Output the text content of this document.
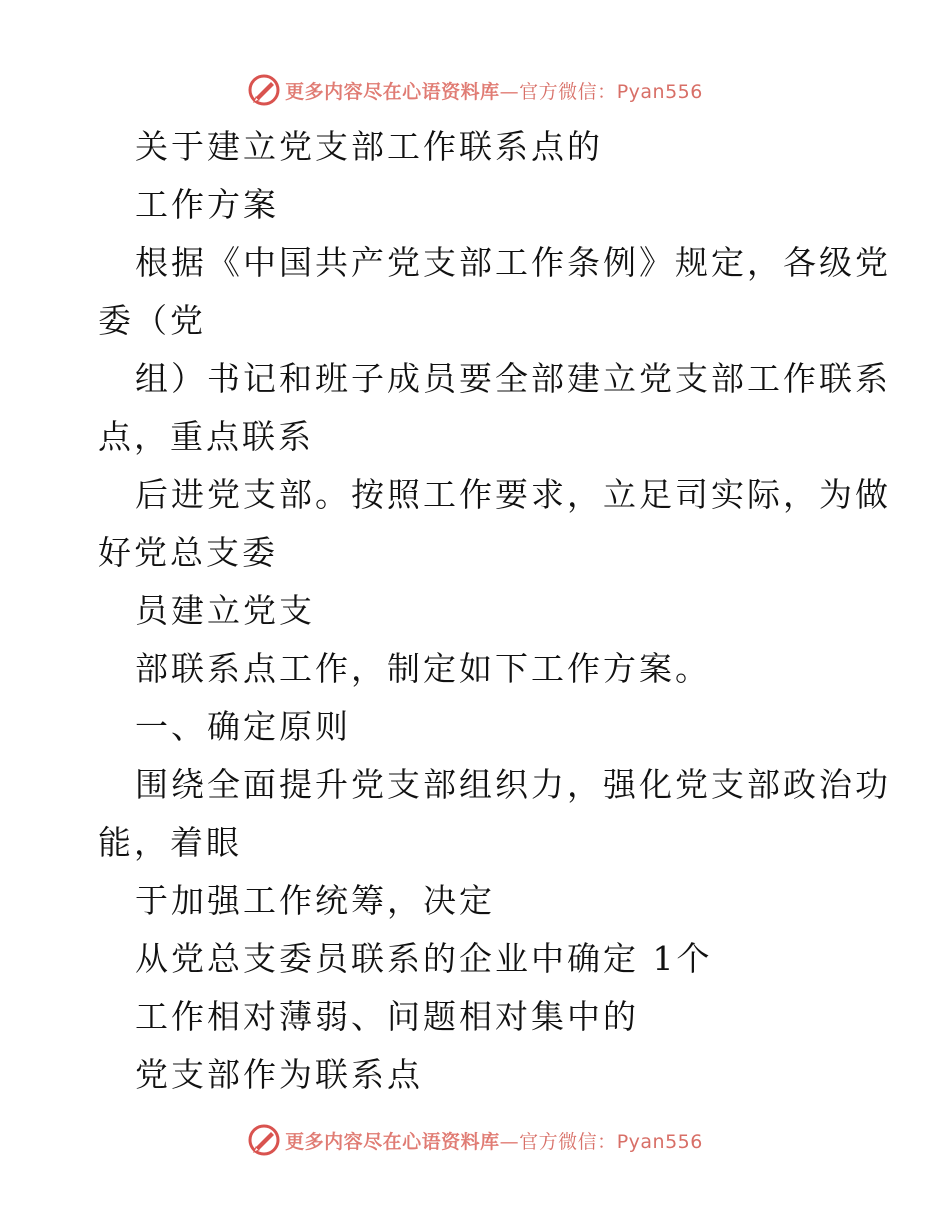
更多内容尽在心语资料库—官方微信：Pyan556
关于建立党支部工作联系点的
工作方案
根据《中国共产党支部工作条例》规定，各级党
委（党
组）书记和班子成员要全部建立党支部工作联系
点，重点联系
后进党支部。按照工作要求，立足司实际，为做
好党总支委
员建立党支
部联系点工作，制定如下工作方案。
一、确定原则
围绕全面提升党支部组织力，强化党支部政治功
能，着眼
于加强工作统筹，决定
从党总支委员联系的企业中确定 1个
工作相对薄弱、问题相对集中的
党支部作为联系点
更多内容尽在心语资料库—官方微信：Pyan556
